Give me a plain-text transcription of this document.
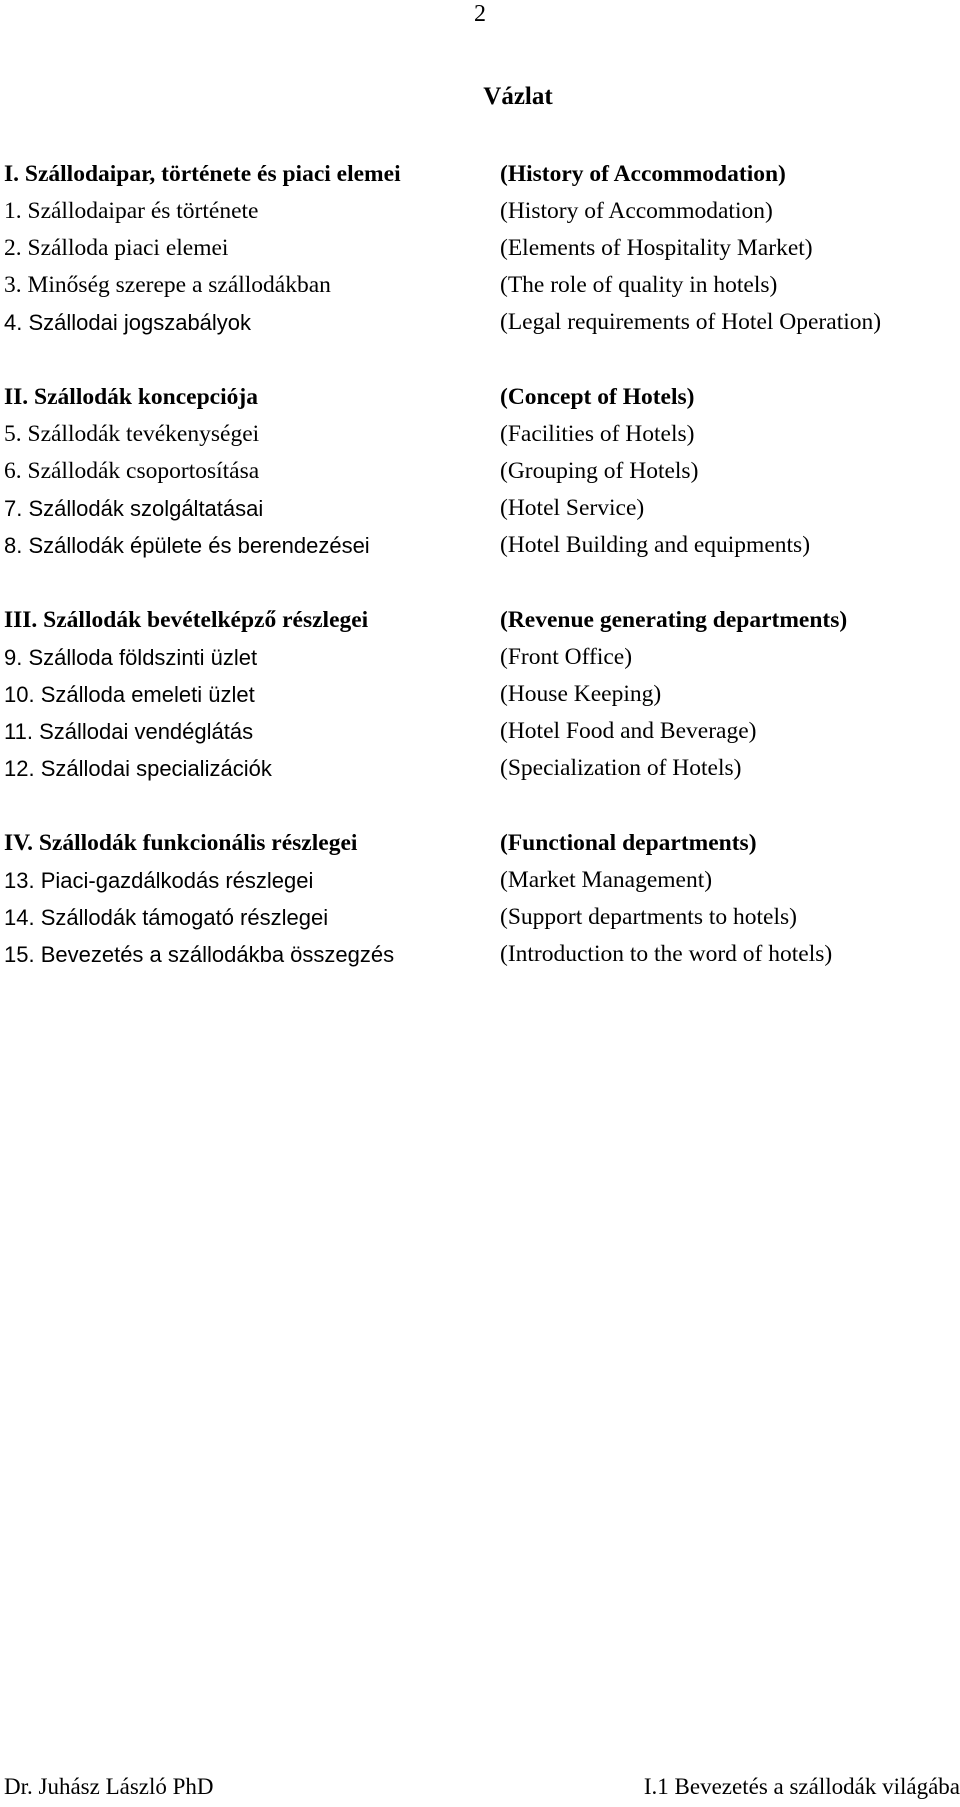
2
Vázlat
I. Szállodaipar, története és piaci elemei	(History of Accommodation)
1. Szállodaipar és története	(History of Accommodation)
2. Szálloda piaci elemei	(Elements of Hospitality Market)
3. Minőség szerepe a szállodákban	(The role of quality in hotels)
4. Szállodai jogszabályok	(Legal requirements of Hotel Operation)
II. Szállodák koncepciója	(Concept of Hotels)
5. Szállodák tevékenységei	(Facilities of Hotels)
6. Szállodák csoportosítása	(Grouping of Hotels)
7. Szállodák szolgáltatásai	(Hotel Service)
8. Szállodák épülete és berendezései	(Hotel Building and equipments)
III. Szállodák bevételképző részlegei	(Revenue generating departments)
9. Szálloda földszinti üzlet	(Front Office)
10. Szálloda emeleti üzlet	(House Keeping)
11. Szállodai vendéglátás	(Hotel Food and Beverage)
12. Szállodai specializációk	(Specialization of Hotels)
IV. Szállodák funkcionális részlegei	(Functional departments)
13. Piaci-gazdálkodás részlegei	(Market Management)
14. Szállodák támogató részlegei	(Support departments to hotels)
15. Bevezetés a szállodákba összegzés	(Introduction to the word of hotels)
Dr. Juhász László PhD	I.1 Bevezetés a szállodák világába
